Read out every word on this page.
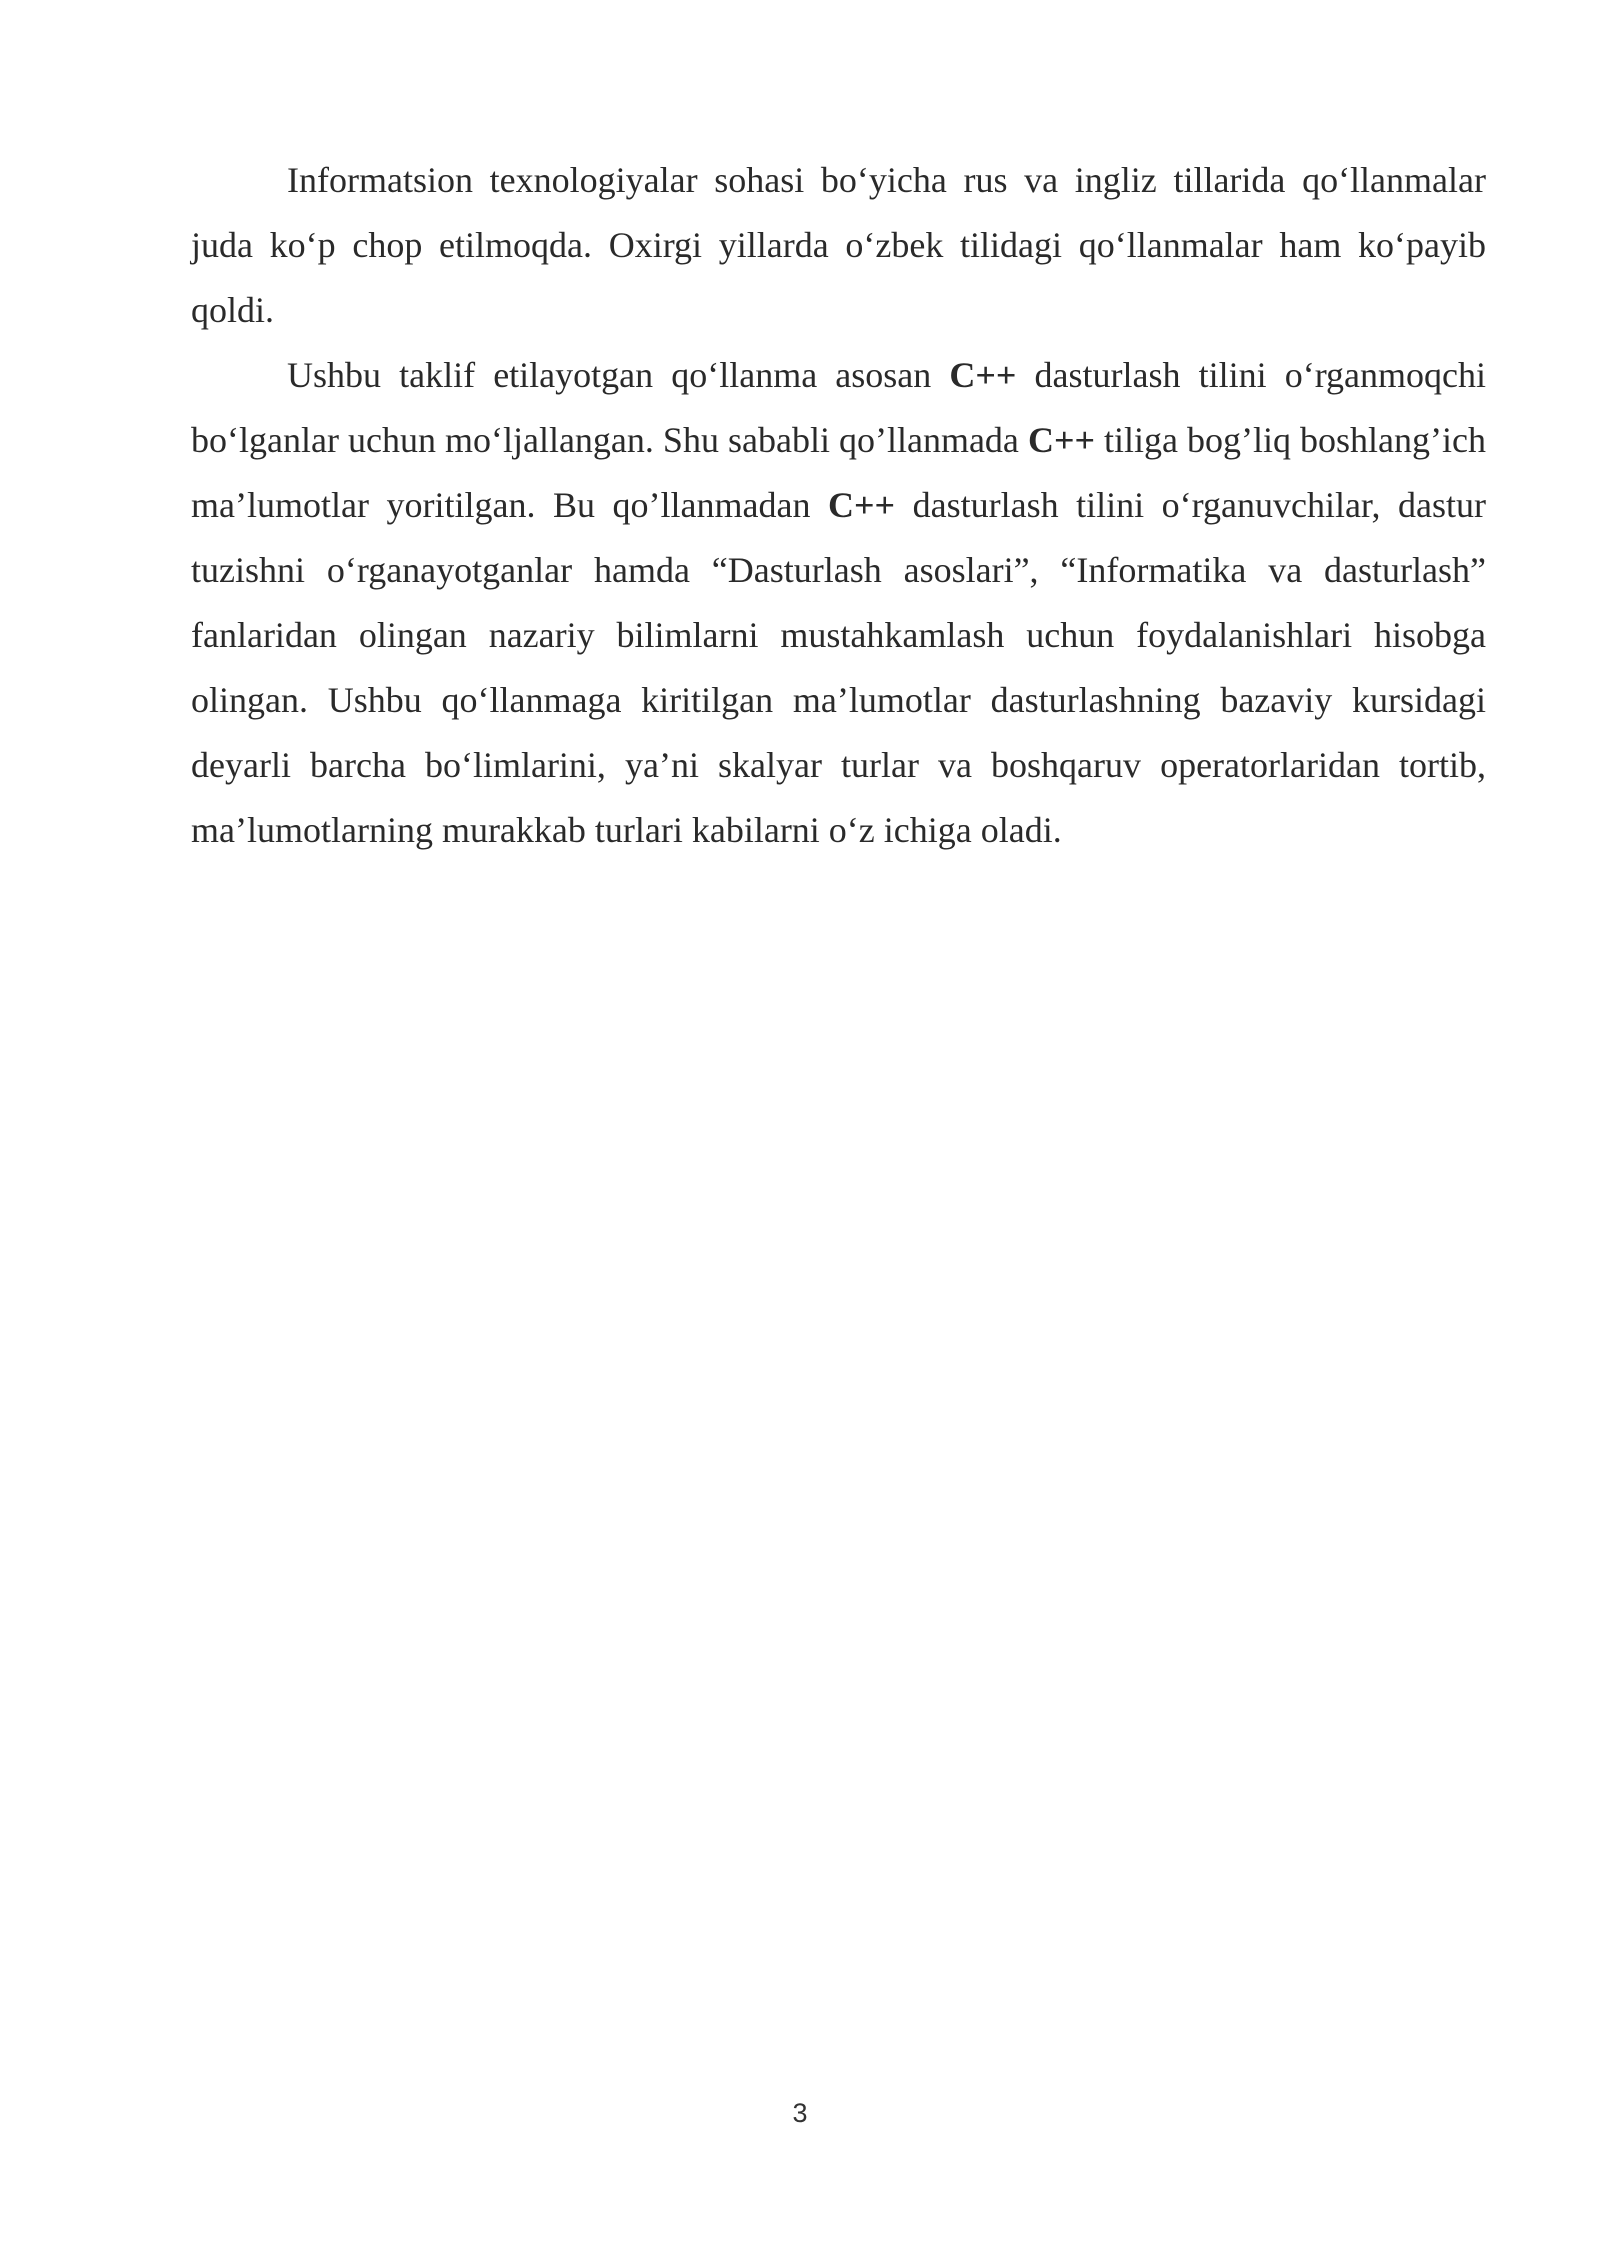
Informatsion texnologiyalar sohasi bo‘yicha rus va ingliz tillarida qo‘llanmalar juda ko‘p chop etilmoqda. Oxirgi yillarda o‘zbek tilidagi qo‘llanmalar ham ko‘payib qoldi.

Ushbu taklif etilayotgan qo‘llanma asosan C++ dasturlash tilini o‘rganmoqchi bo‘lganlar uchun mo‘ljallangan. Shu sababli qo’llanmada C++ tiliga bog’liq boshlang’ich ma’lumotlar yoritilgan. Bu qo’llanmadan C++ dasturlash tilini o‘rganuvchilar, dastur tuzishni o‘rganayotganlar hamda “Dasturlash asoslari”, “Informatika va dasturlash” fanlaridan olingan nazariy bilimlarni mustahkamlash uchun foydalanishlari hisobga olingan. Ushbu qo‘llanmaga kiritilgan ma’lumotlar dasturlashning bazaviy kursidagi deyarli barcha bo‘limlarini, ya’ni skalyar turlar va boshqaruv operatorlaridan tortib, ma’lumotlarning murakkab turlari kabilarni o‘z ichiga oladi.

3
